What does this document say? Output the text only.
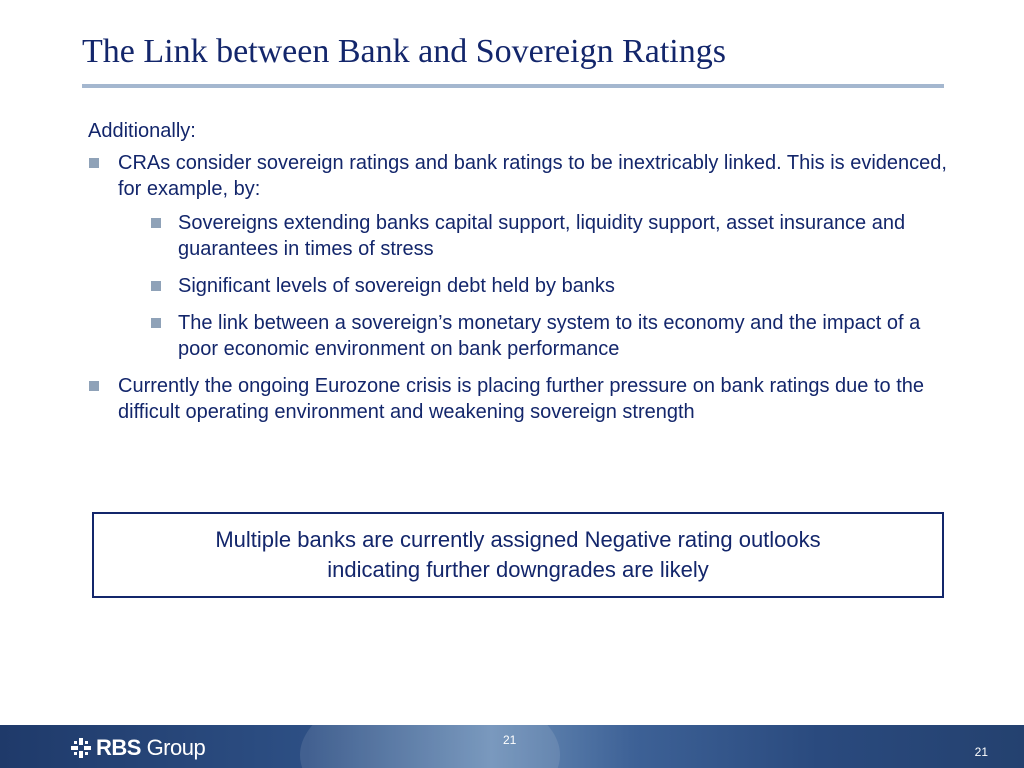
The Link between Bank and Sovereign Ratings
Additionally:
CRAs consider sovereign ratings and bank ratings to be inextricably linked. This is evidenced, for example, by:
Sovereigns extending banks capital support, liquidity support, asset insurance and guarantees in times of stress
Significant levels of sovereign debt held by banks
The link between a sovereign’s monetary system to its economy and the impact of a poor economic environment on bank performance
Currently the ongoing Eurozone crisis is placing further pressure on bank ratings due to the difficult operating environment and weakening sovereign strength
Multiple banks are currently assigned Negative rating outlooks
indicating further downgrades are likely
RBS Group	21
21
